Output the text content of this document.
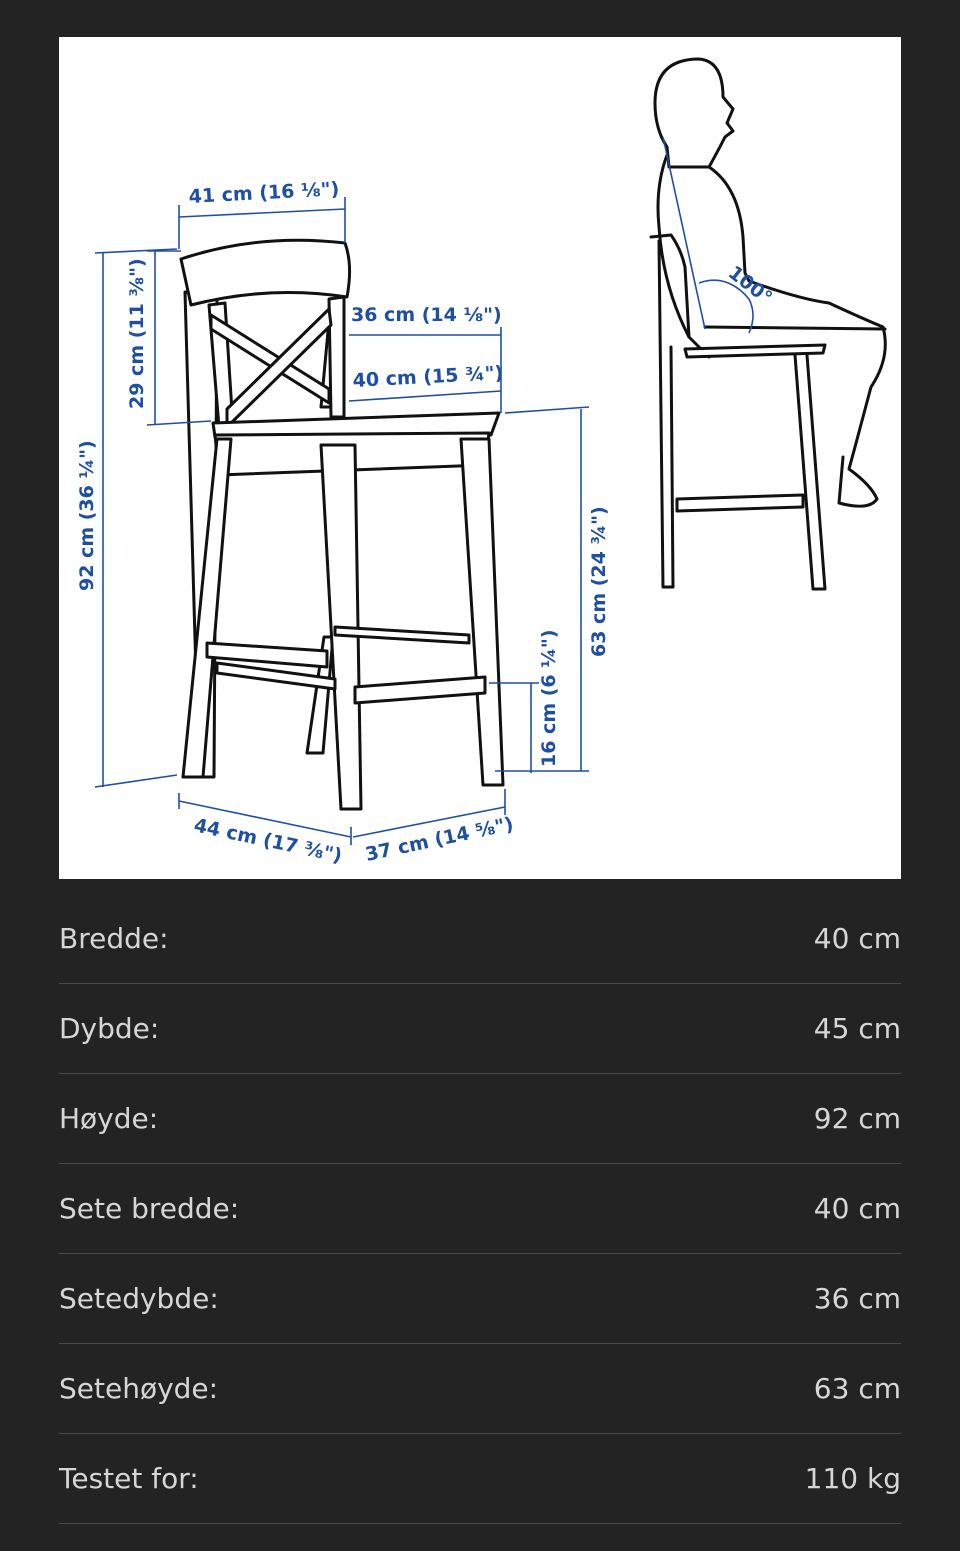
41 cm (16 ⅛")
36 cm (14 ⅛")
40 cm (15 ¾")
29 cm (11 ⅜")
92 cm (36 ¼")	63 cm (24 ¾")
16 cm (6 ¼")
44 cm (17 ⅜") 37 cm (14 ⅝")
100°
Bredde:	40 cm
Dybde:	45 cm
Høyde:	92 cm
Sete bredde:	40 cm
Setedybde:	36 cm
Setehøyde:	63 cm
Testet for:	110 kg
